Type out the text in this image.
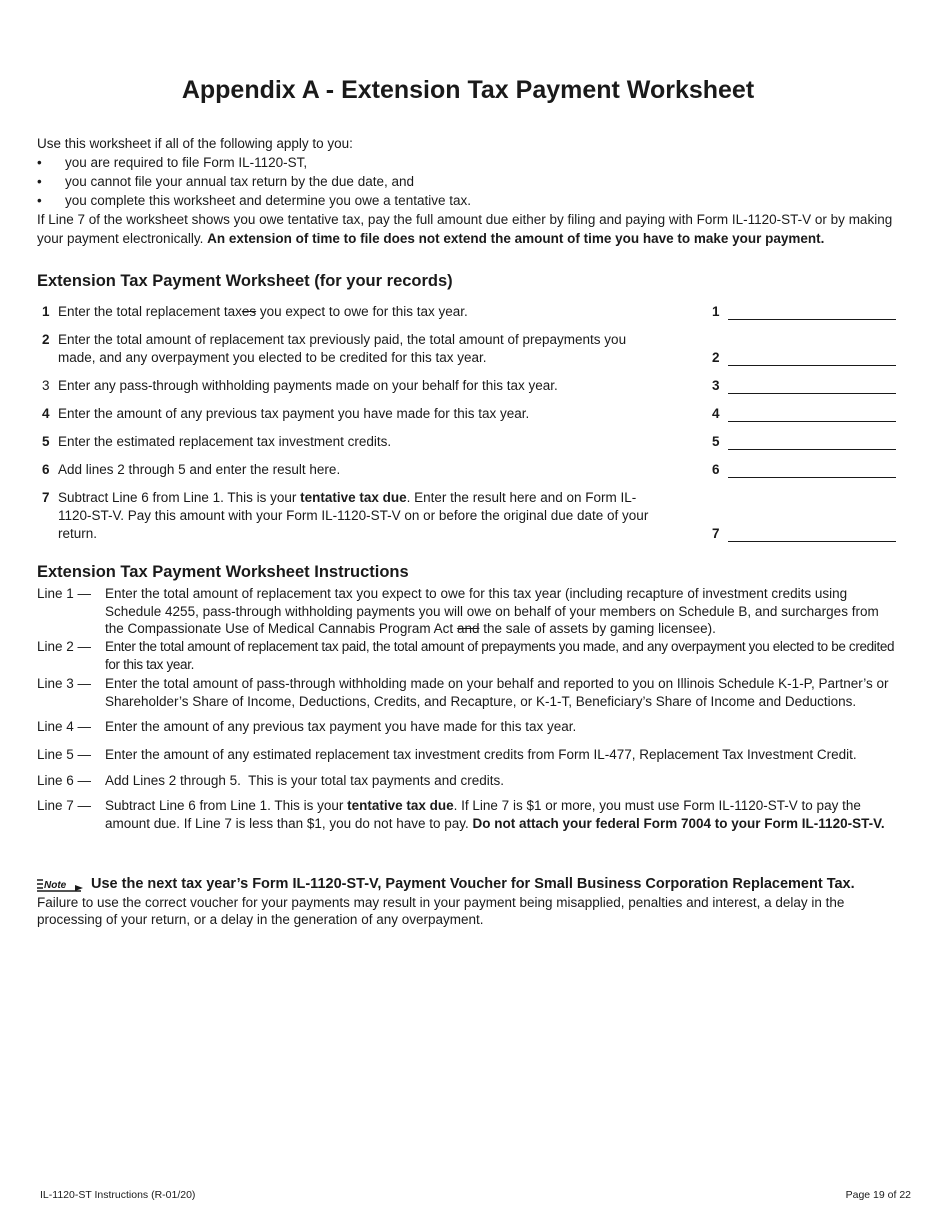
Appendix A - Extension Tax Payment Worksheet

Use this worksheet if all of the following apply to you:

• you are required to file Form IL-1120-ST,
• you cannot file your annual tax return by the due date, and
• you complete this worksheet and determine you owe a tentative tax.

If Line 7 of the worksheet shows you owe tentative tax, pay the full amount due either by filing and paying with Form IL-1120-ST-V or by making your payment electronically. An extension of time to file does not extend the amount of time you have to make your payment.

Extension Tax Payment Worksheet (for your records)
1 Enter the total replacement taxes you expect to owe for this tax year.	1
2 Enter the total amount of replacement tax previously paid, the total amount of prepayments you made, and any overpayment you elected to be credited for this tax year.	2
3 Enter any pass-through withholding payments made on your behalf for this tax year.	3
4 Enter the amount of any previous tax payment you have made for this tax year.	4
5 Enter the estimated replacement tax investment credits.	5
6 Add lines 2 through 5 and enter the result here.	6
7 Subtract Line 6 from Line 1. This is your tentative tax due. Enter the result here and on Form IL-1120-ST-V. Pay this amount with your Form IL-1120-ST-V on or before the original due date of your return.	7
Extension Tax Payment Worksheet Instructions
Line 1 — Enter the total amount of replacement tax you expect to owe for this tax year (including recapture of investment credits using Schedule 4255, pass-through withholding payments you will owe on behalf of your members on Schedule B, and surcharges from the Compassionate Use of Medical Cannabis Program Act and the sale of assets by gaming licensee).
Line 2 — Enter the total amount of replacement tax paid, the total amount of prepayments you made, and any overpayment you elected to be credited for this tax year.
Line 3 — Enter the total amount of pass-through withholding made on your behalf and reported to you on Illinois Schedule K-1-P, Partner’s or Shareholder’s Share of Income, Deductions, Credits, and Recapture, or K-1-T, Beneficiary’s Share of Income and Deductions.
Line 4 — Enter the amount of any previous tax payment you have made for this tax year.
Line 5 — Enter the amount of any estimated replacement tax investment credits from Form IL-477, Replacement Tax Investment Credit.
Line 6 — Add Lines 2 through 5.  This is your total tax payments and credits.
Line 7 — Subtract Line 6 from Line 1. This is your tentative tax due. If Line 7 is $1 or more, you must use Form IL-1120-ST-V to pay the amount due. If Line 7 is less than $1, you do not have to pay. Do not attach your federal Form 7004 to your Form IL-1120-ST-V.
Note Use the next tax year’s Form IL-1120-ST-V, Payment Voucher for Small Business Corporation Replacement Tax.
Failure to use the correct voucher for your payments may result in your payment being misapplied, penalties and interest, a delay in the processing of your return, or a delay in the generation of any overpayment.
IL-1120-ST Instructions (R-01/20)	Page 19 of 22
